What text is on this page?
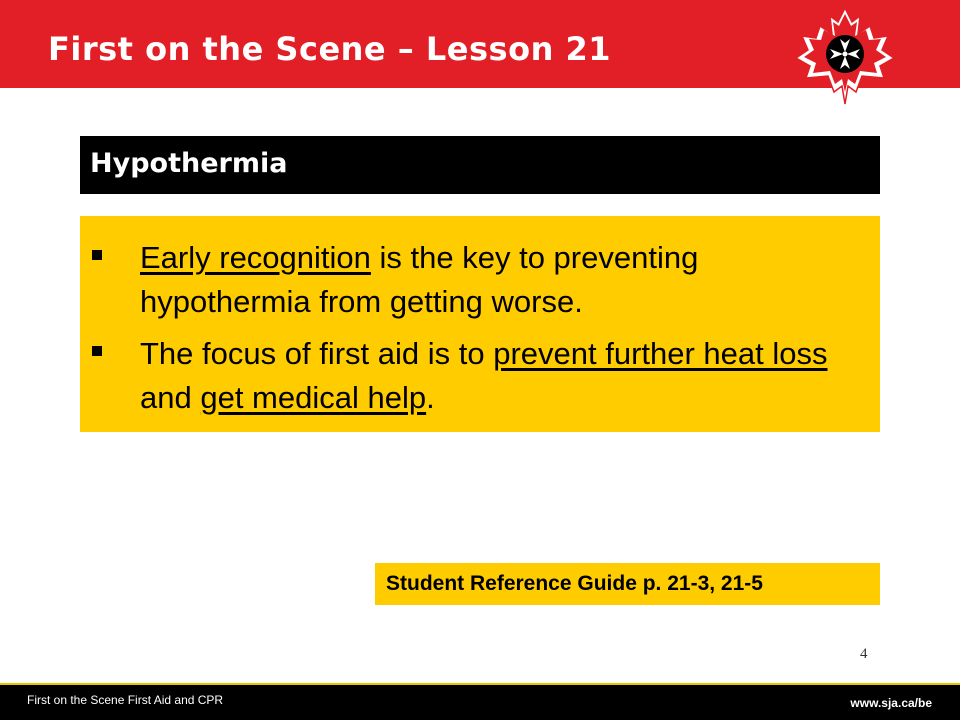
First on the Scene – Lesson 21
TM
Hypothermia
Early recognition is the key to preventing hypothermia from getting worse.
The focus of first aid is to prevent further heat loss and get medical help.
Student Reference Guide p. 21-3, 21-5
4
First on the Scene First Aid and CPR	www.sja.ca/be
